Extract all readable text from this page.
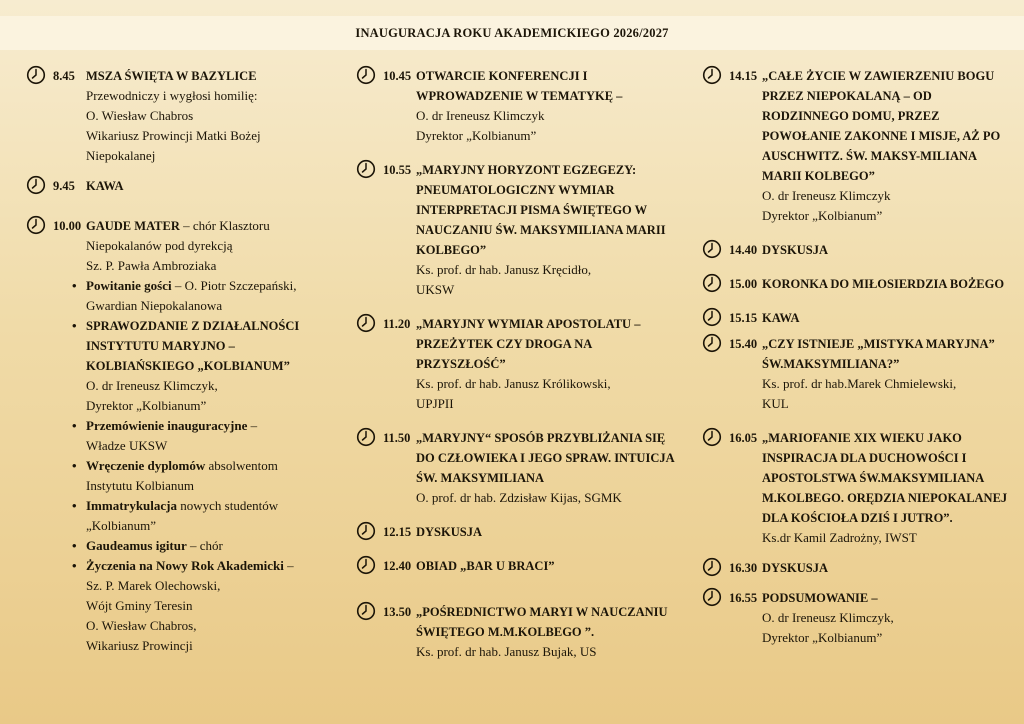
INAUGURACJA ROKU AKADEMICKIEGO 2026/2027
8.45 MSZA ŚWIĘTA W BAZYLICE
Przewodniczy i wygłosi homilię:
O. Wiesław Chabros
Wikariusz Prowincji Matki Bożej
Niepokalanej
9.45 KAWA
10.00 GAUDE MATER – chór Klasztoru
Niepokalanów pod dyrekcją
Sz. P. Pawła Ambroziaka
• Powitanie gości – O. Piotr Szczepański,
Gwardian Niepokalanowa
• SPRAWOZDANIE Z DZIAŁALNOŚCI INSTYTUTU MARYJNO – KOLBIAŃSKIEGO „KOLBIANUM”
O. dr Ireneusz Klimczyk,
Dyrektor „Kolbianum”
• Przemówienie inauguracyjne –
Władze UKSW
• Wręczenie dyplomów absolwentom
Instytutu Kolbianum
• Immatrykulacja nowych studentów
„Kolbianum”
• Gaudeamus igitur – chór
• Życzenia na Nowy Rok Akademicki –
Sz. P. Marek Olechowski,
Wójt Gminy Teresin
O. Wiesław Chabros,
Wikariusz Prowincji
10.45 OTWARCIE KONFERENCJI I WPROWADZENIE W TEMATYKĘ –
O. dr Ireneusz Klimczyk
Dyrektor „Kolbianum”
10.55 „MARYJNY HORYZONT EGZEGEZY: PNEUMATOLOGICZNY WYMIAR INTERPRETACJI PISMA ŚWIĘTEGO W NAUCZANIU ŚW. MAKSYMILIANA MARII KOLBEGO”
Ks. prof. dr hab. Janusz Kręcidło,
UKSW
11.20 „MARYJNY WYMIAR APOSTOLATU – PRZEŻYTEK CZY DROGA NA PRZYSZŁOŚĆ”
Ks. prof. dr hab. Janusz Królikowski,
UPJPII
11.50 „MARYJNY“ SPOSÓB PRZYBLIŻANIA SIĘ DO CZŁOWIEKA I JEGO SPRAW. INTUICJA ŚW. MAKSYMILIANA
O. prof. dr hab. Zdzisław Kijas, SGMK
12.15 DYSKUSJA
12.40 OBIAD „BAR U BRACI”
13.50 „POŚREDNICTWO MARYI W NAUCZANIU ŚWIĘTEGO M.M.KOLBEGO ”.
Ks. prof. dr hab. Janusz Bujak, US
14.15 „CAŁE ŻYCIE W ZAWIERZENIU BOGU PRZEZ NIEPOKALANĄ – OD RODZINNEGO DOMU, PRZEZ POWOŁANIE ZAKONNE I MISJE, AŻ PO AUSCHWITZ. ŚW. MAKSY-MILIANA MARII KOLBEGO”
O. dr Ireneusz Klimczyk
Dyrektor „Kolbianum”
14.40 DYSKUSJA
15.00 KORONKA DO MIŁOSIERDZIA BOŻEGO
15.15 KAWA
15.40 „CZY ISTNIEJE „MISTYKA MARYJNA” ŚW.MAKSYMILIANA?”
Ks. prof. dr hab.Marek Chmielewski,
KUL
16.05 „MARIOFANIE XIX WIEKU JAKO INSPIRACJA DLA DUCHOWOŚCI I APOSTOLSTWA ŚW.MAKSYMILIANA M.KOLBEGO. ORĘDZIA NIEPOKALANEJ DLA KOŚCIOŁA DZIŚ I JUTRO”.
Ks.dr Kamil Zadrożny, IWST
16.30 DYSKUSJA
16.55 PODSUMOWANIE –
O. dr Ireneusz Klimczyk,
Dyrektor „Kolbianum”
